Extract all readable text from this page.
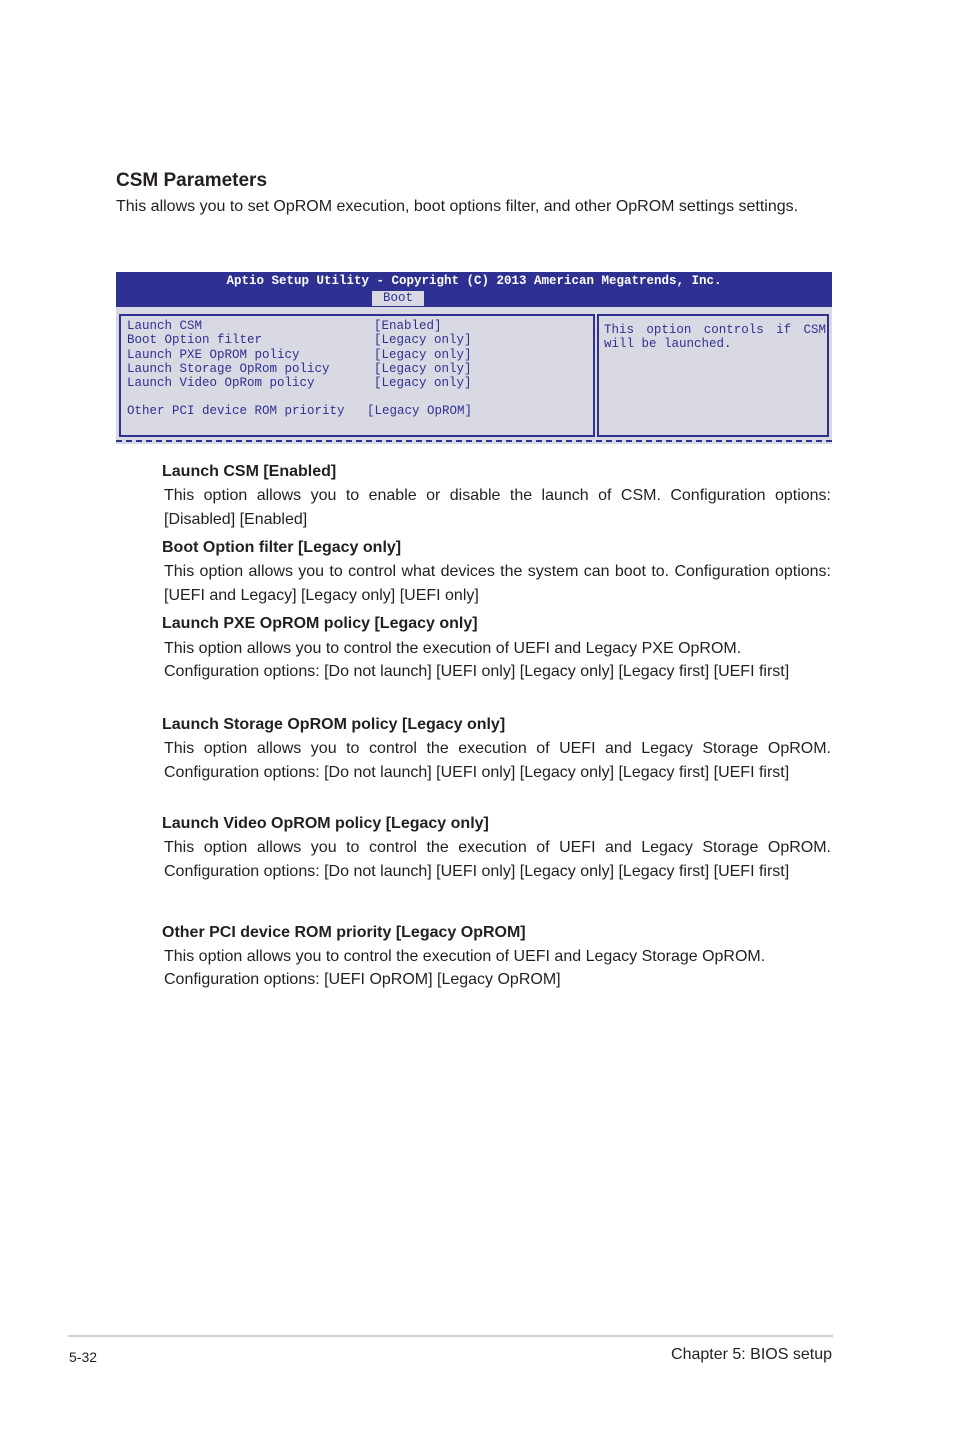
CSM Parameters

This allows you to set OpROM execution, boot options filter, and other OpROM settings settings.

Aptio Setup Utility - Copyright (C) 2013 American Megatrends, Inc.
Boot
Launch CSM	[Enabled]
Boot Option filter	[Legacy only]
Launch PXE OpROM policy	[Legacy only]
Launch Storage OpRom policy	[Legacy only]
Launch Video OpRom policy	[Legacy only]
Other PCI device ROM priority   [Legacy OpROM]
This option controls if CSM will be launched.

Launch CSM [Enabled]

This option allows you to enable or disable the launch of CSM. Configuration options: [Disabled] [Enabled]

Boot Option filter [Legacy only]

This option allows you to control what devices the system can boot to. Configuration options: [UEFI and Legacy] [Legacy only] [UEFI only]

Launch PXE OpROM policy [Legacy only]

This option allows you to control the execution of UEFI and Legacy PXE OpROM.

Configuration options: [Do not launch] [UEFI only] [Legacy only] [Legacy first] [UEFI first]

Launch Storage OpROM policy [Legacy only]

This option allows you to control the execution of UEFI and Legacy Storage OpROM. Configuration options: [Do not launch] [UEFI only] [Legacy only] [Legacy first] [UEFI first]

Launch Video OpROM policy [Legacy only]

This option allows you to control the execution of UEFI and Legacy Storage OpROM. Configuration options: [Do not launch] [UEFI only] [Legacy only] [Legacy first] [UEFI first]

Other PCI device ROM priority [Legacy OpROM]

This option allows you to control the execution of UEFI and Legacy Storage OpROM.

Configuration options: [UEFI OpROM] [Legacy OpROM]

5-32	Chapter 5: BIOS setup
